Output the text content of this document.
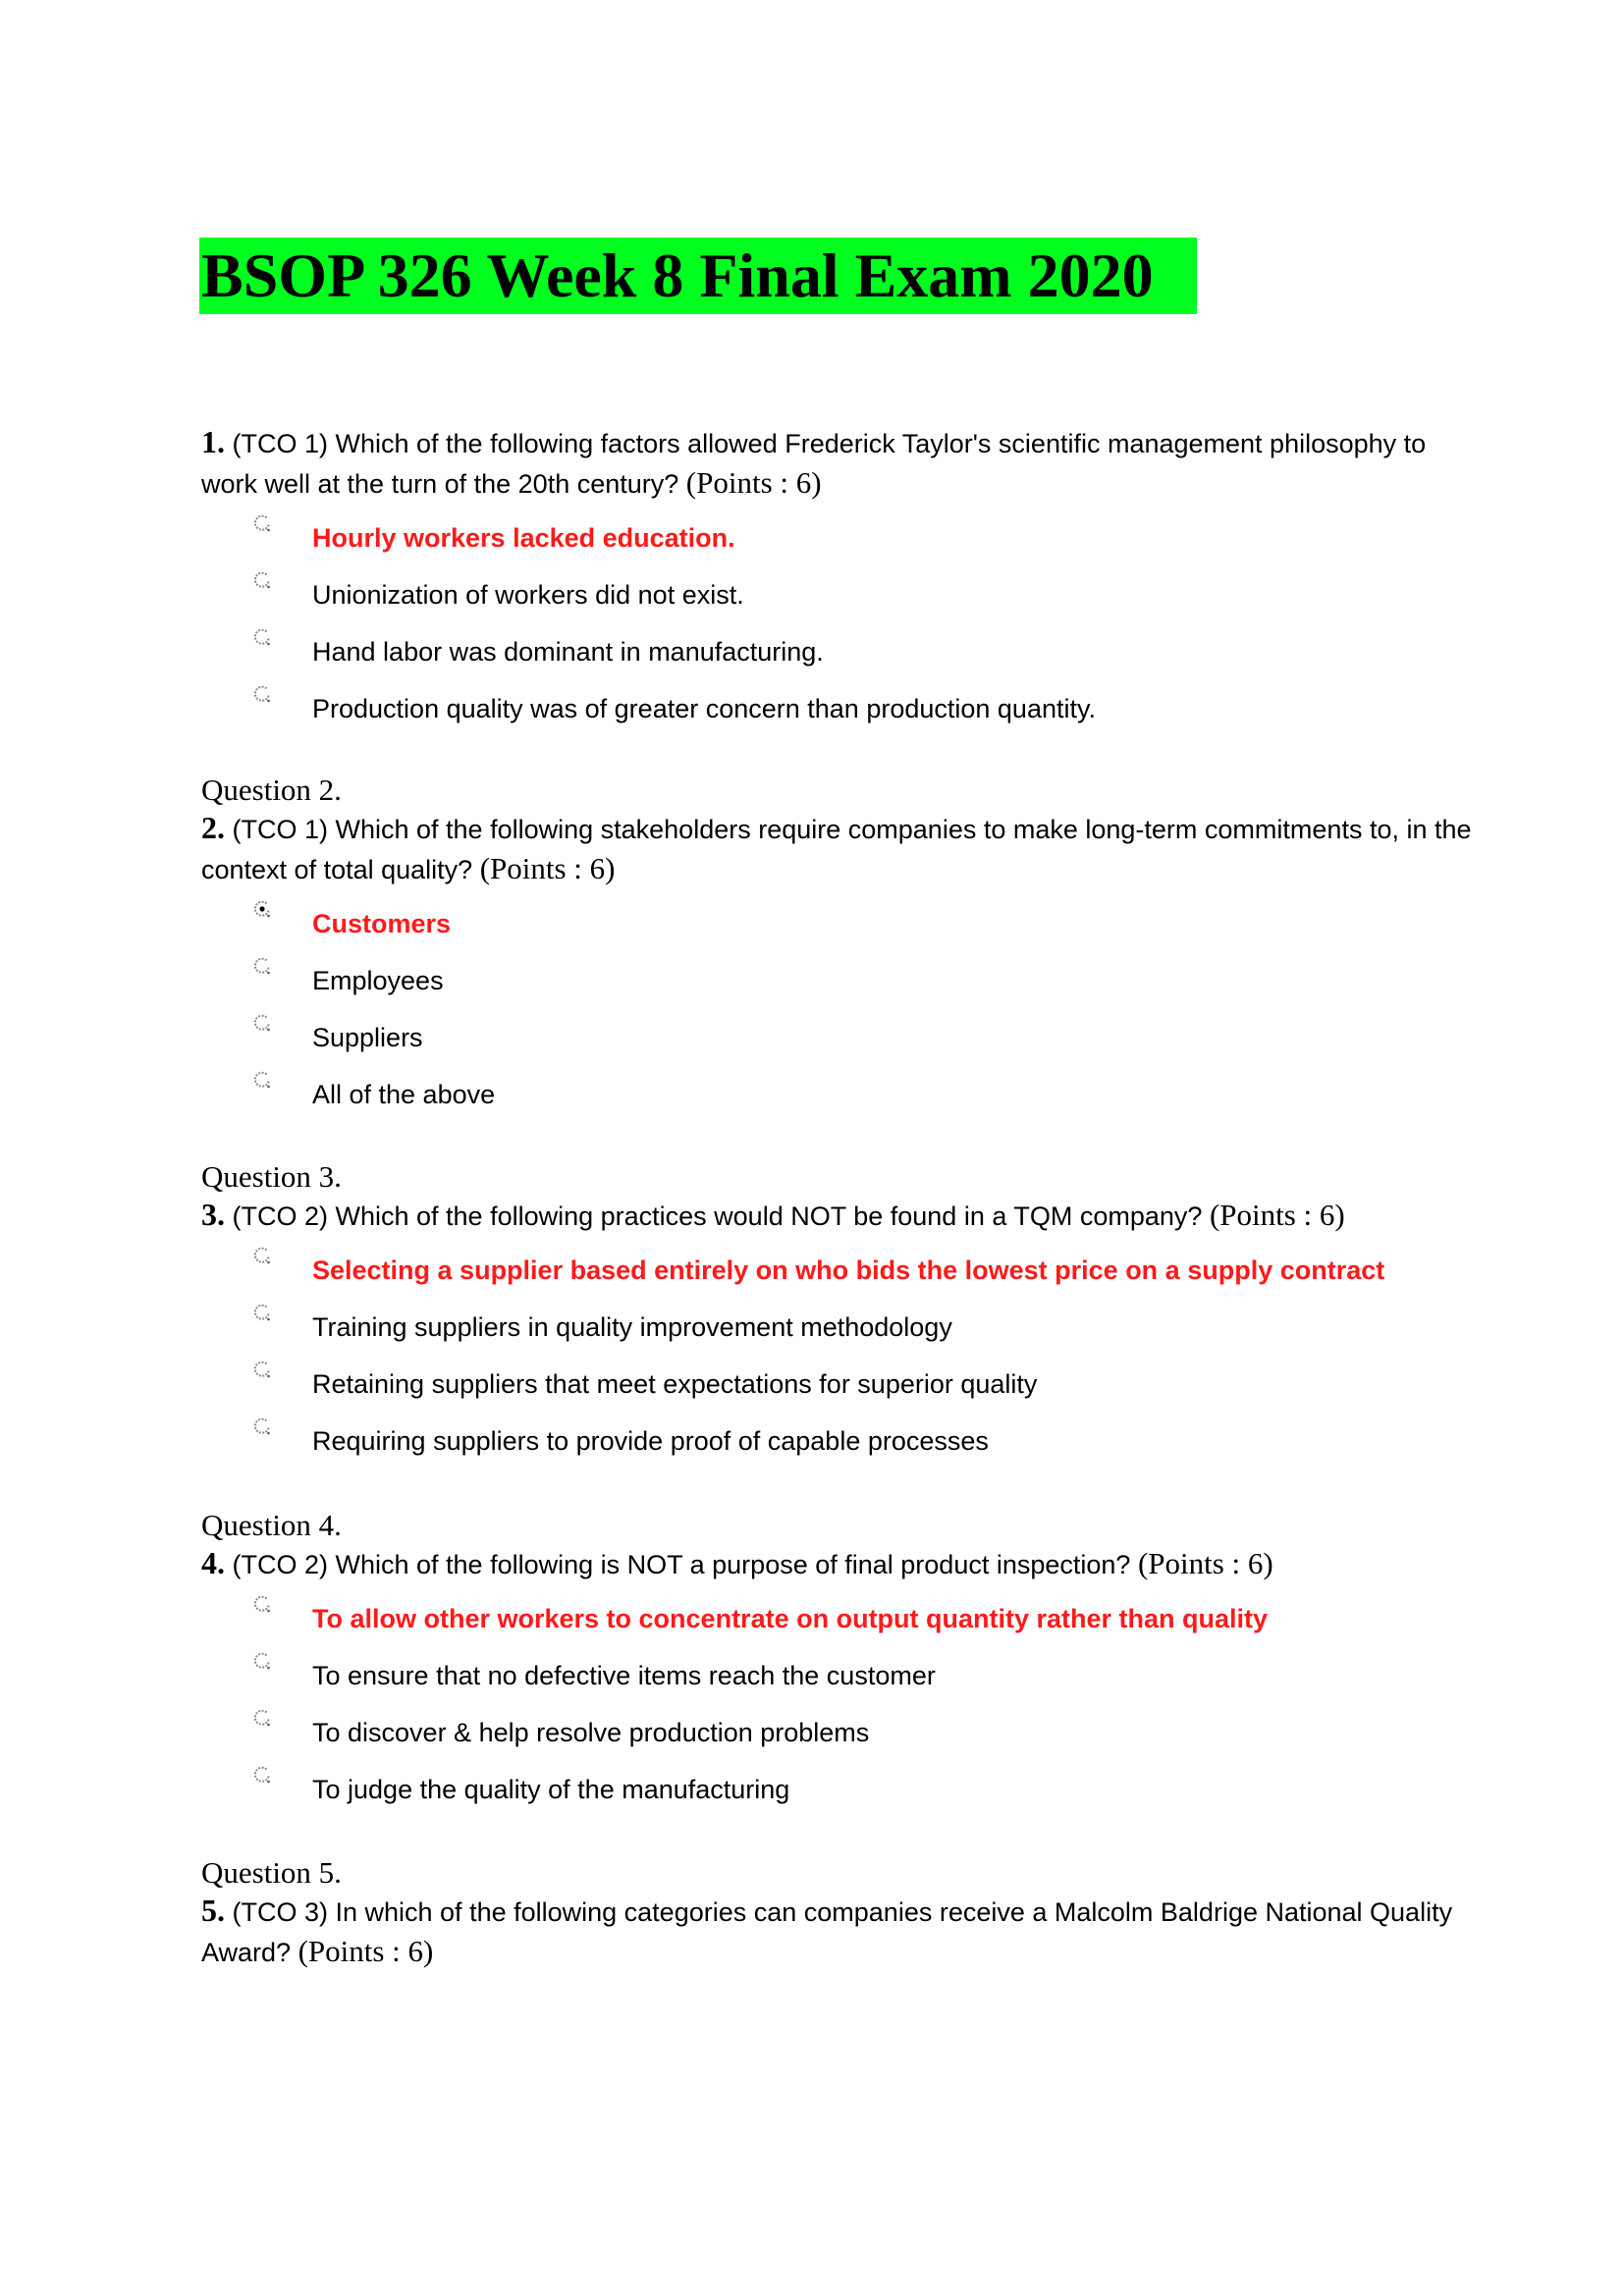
BSOP 326 Week 8 Final Exam 2020
1. (TCO 1) Which of the following factors allowed Frederick Taylor's scientific management philosophy to work well at the turn of the 20th century? (Points : 6)
Hourly workers lacked education.
Unionization of workers did not exist.
Hand labor was dominant in manufacturing.
Production quality was of greater concern than production quantity.
Question 2.
2. (TCO 1) Which of the following stakeholders require companies to make long-term commitments to, in the context of total quality? (Points : 6)
Customers
Employees
Suppliers
All of the above
Question 3.
3. (TCO 2) Which of the following practices would NOT be found in a TQM company? (Points : 6)
Selecting a supplier based entirely on who bids the lowest price on a supply contract
Training suppliers in quality improvement methodology
Retaining suppliers that meet expectations for superior quality
Requiring suppliers to provide proof of capable processes
Question 4.
4. (TCO 2) Which of the following is NOT a purpose of final product inspection? (Points : 6)
To allow other workers to concentrate on output quantity rather than quality
To ensure that no defective items reach the customer
To discover & help resolve production problems
To judge the quality of the manufacturing
Question 5.
5. (TCO 3) In which of the following categories can companies receive a Malcolm Baldrige National Quality Award? (Points : 6)
